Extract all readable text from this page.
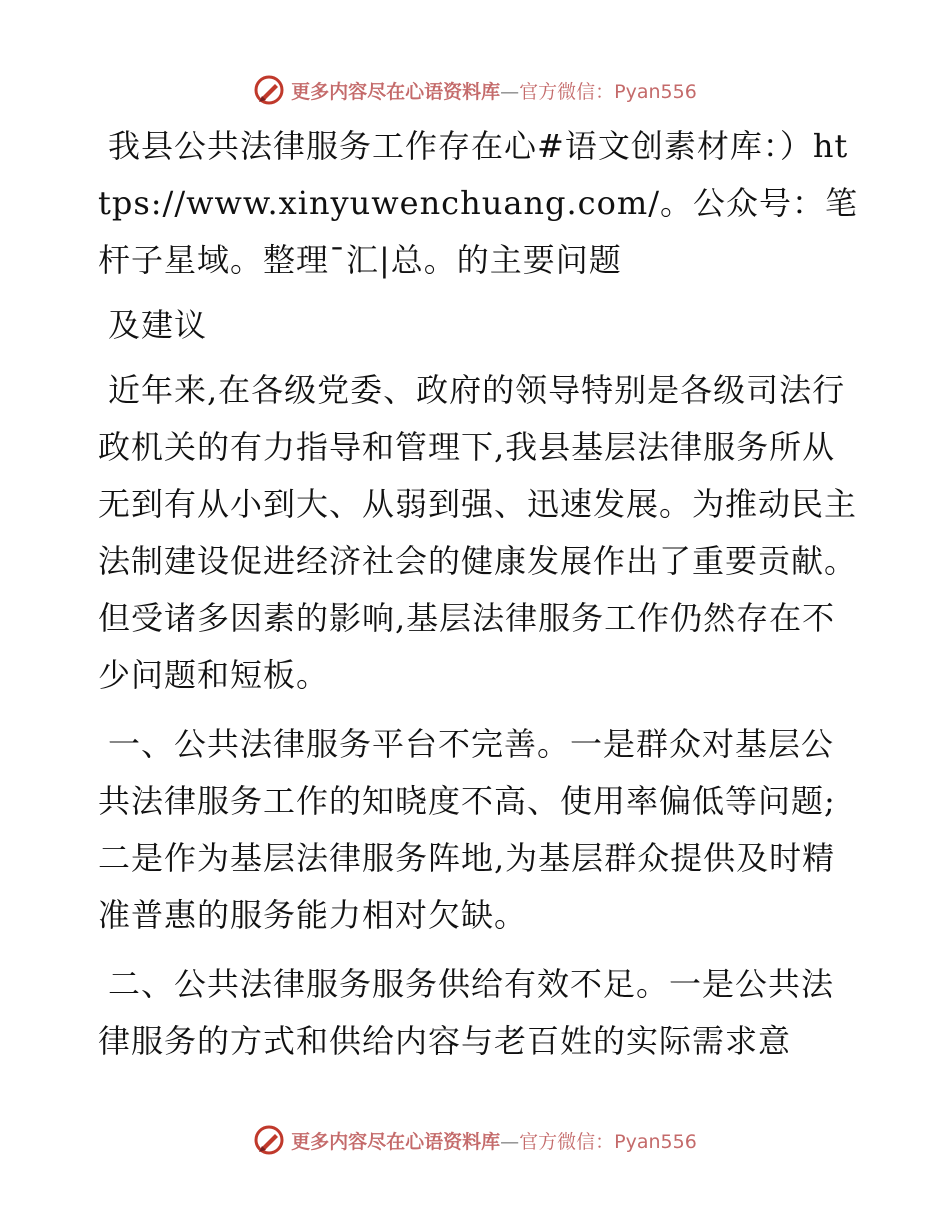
更多内容尽在心语资料库—官方微信：Pyan556

我县公共法律服务工作存在心#语文创素材库：）https://www.xinyuwenchuang.com/。公众号：笔杆子星域。整理¯汇|总。的主要问题

及建议

近年来,在各级党委、政府的领导特别是各级司法行政机关的有力指导和管理下,我县基层法律服务所从无到有从小到大、从弱到强、迅速发展。为推动民主法制建设促进经济社会的健康发展作出了重要贡献。但受诸多因素的影响,基层法律服务工作仍然存在不少问题和短板。

一、公共法律服务平台不完善。一是群众对基层公共法律服务工作的知晓度不高、使用率偏低等问题;二是作为基层法律服务阵地,为基层群众提供及时精准普惠的服务能力相对欠缺。

二、公共法律服务服务供给有效不足。一是公共法律服务的方式和供给内容与老百姓的实际需求意

更多内容尽在心语资料库—官方微信：Pyan556
